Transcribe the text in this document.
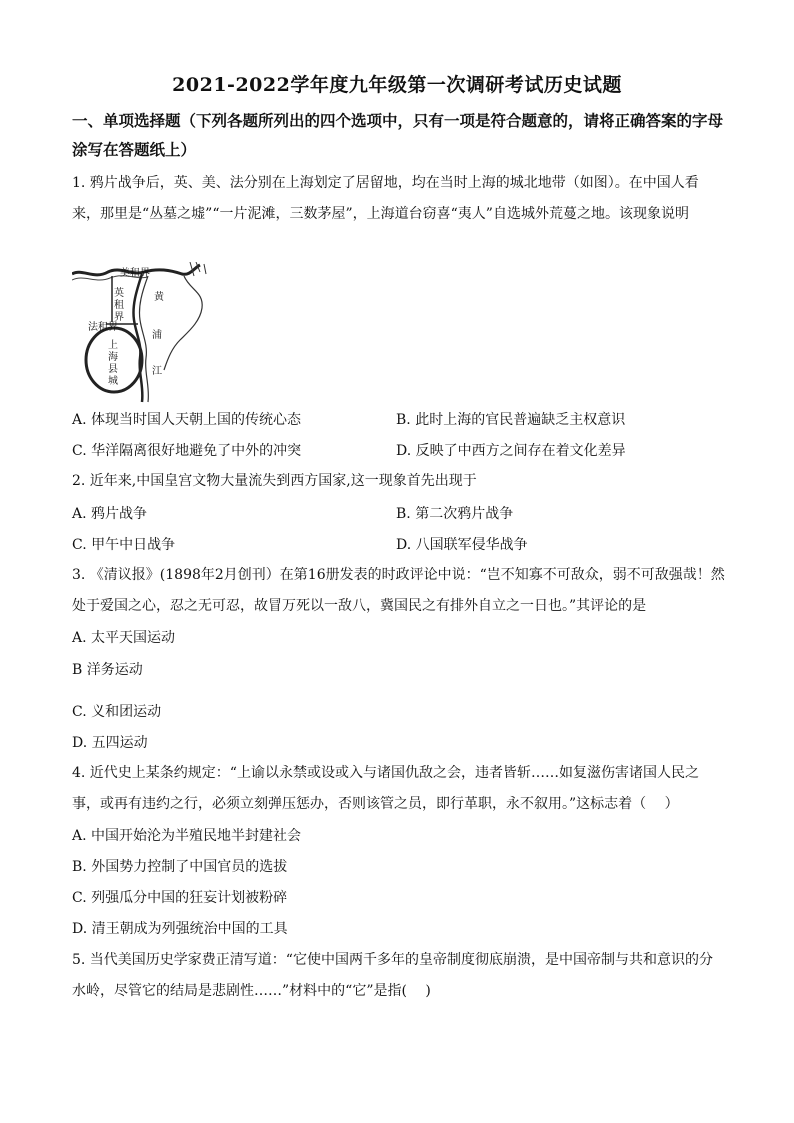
2021-2022学年度九年级第一次调研考试历史试题
一、单项选择题（下列各题所列出的四个选项中，只有一项是符合题意的，请将正确答案的字母涂写在答题纸上）
1. 鸦片战争后，英、美、法分别在上海划定了居留地，均在当时上海的城北地带（如图）。在中国人看来，那里是“丛墓之墟”“一片泥滩，三数茅屋”，上海道台窃喜“夷人”自选城外荒蔓之地。该现象说明
美租界
英
租
界
法租界
上
海
县
城
黄
浦
江
A. 体现当时国人天朝上国的传统心态	B. 此时上海的官民普遍缺乏主权意识
C. 华洋隔离很好地避免了中外的冲突	D. 反映了中西方之间存在着文化差异
2. 近年来,中国皇宫文物大量流失到西方国家,这一现象首先出现于
A. 鸦片战争	B. 第二次鸦片战争
C. 甲午中日战争	D. 八国联军侵华战争
3. 《清议报》(1898年2月创刊）在第16册发表的时政评论中说：“岂不知寡不可敌众，弱不可敌强哉！然处于爱国之心，忍之无可忍，故冒万死以一敌八，冀国民之有排外自立之一日也。”其评论的是
A. 太平天国运动
B 洋务运动
C. 义和团运动
D. 五四运动
4. 近代史上某条约规定：“上谕以永禁或设或入与诸国仇敌之会，违者皆斩……如复滋伤害诸国人民之事，或再有违约之行，必须立刻弹压惩办，否则该管之员，即行革职，永不叙用。”这标志着（　 ）
A. 中国开始沦为半殖民地半封建社会
B. 外国势力控制了中国官员的选拔
C. 列强瓜分中国的狂妄计划被粉碎
D. 清王朝成为列强统治中国的工具
5. 当代美国历史学家费正清写道：“它使中国两千多年的皇帝制度彻底崩溃，是中国帝制与共和意识的分水岭，尽管它的结局是悲剧性……”材料中的“它”是指(　 )
